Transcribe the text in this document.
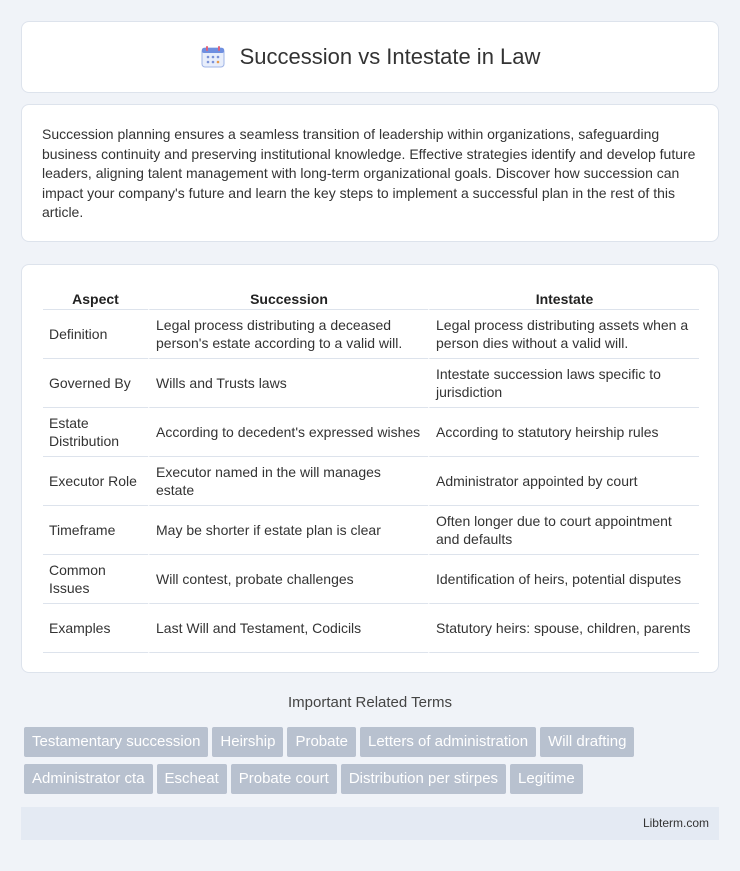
Succession vs Intestate in Law

Succession planning ensures a seamless transition of leadership within organizations, safeguarding business continuity and preserving institutional knowledge. Effective strategies identify and develop future leaders, aligning talent management with long-term organizational goals. Discover how succession can impact your company's future and learn the key steps to implement a successful plan in the rest of this article.

Aspect	Succession	Intestate
Definition	Legal process distributing a deceased person's estate according to a valid will.	Legal process distributing assets when a person dies without a valid will.
Governed By	Wills and Trusts laws	Intestate succession laws specific to jurisdiction
Estate Distribution	According to decedent's expressed wishes	According to statutory heirship rules
Executor Role	Executor named in the will manages estate	Administrator appointed by court
Timeframe	May be shorter if estate plan is clear	Often longer due to court appointment and defaults
Common Issues	Will contest, probate challenges	Identification of heirs, potential disputes
Examples	Last Will and Testament, Codicils	Statutory heirs: spouse, children, parents
Important Related Terms
Testamentary succession Heirship Probate Letters of administration Will drafting
Administrator cta Escheat Probate court Distribution per stirpes Legitime
Libterm.com
